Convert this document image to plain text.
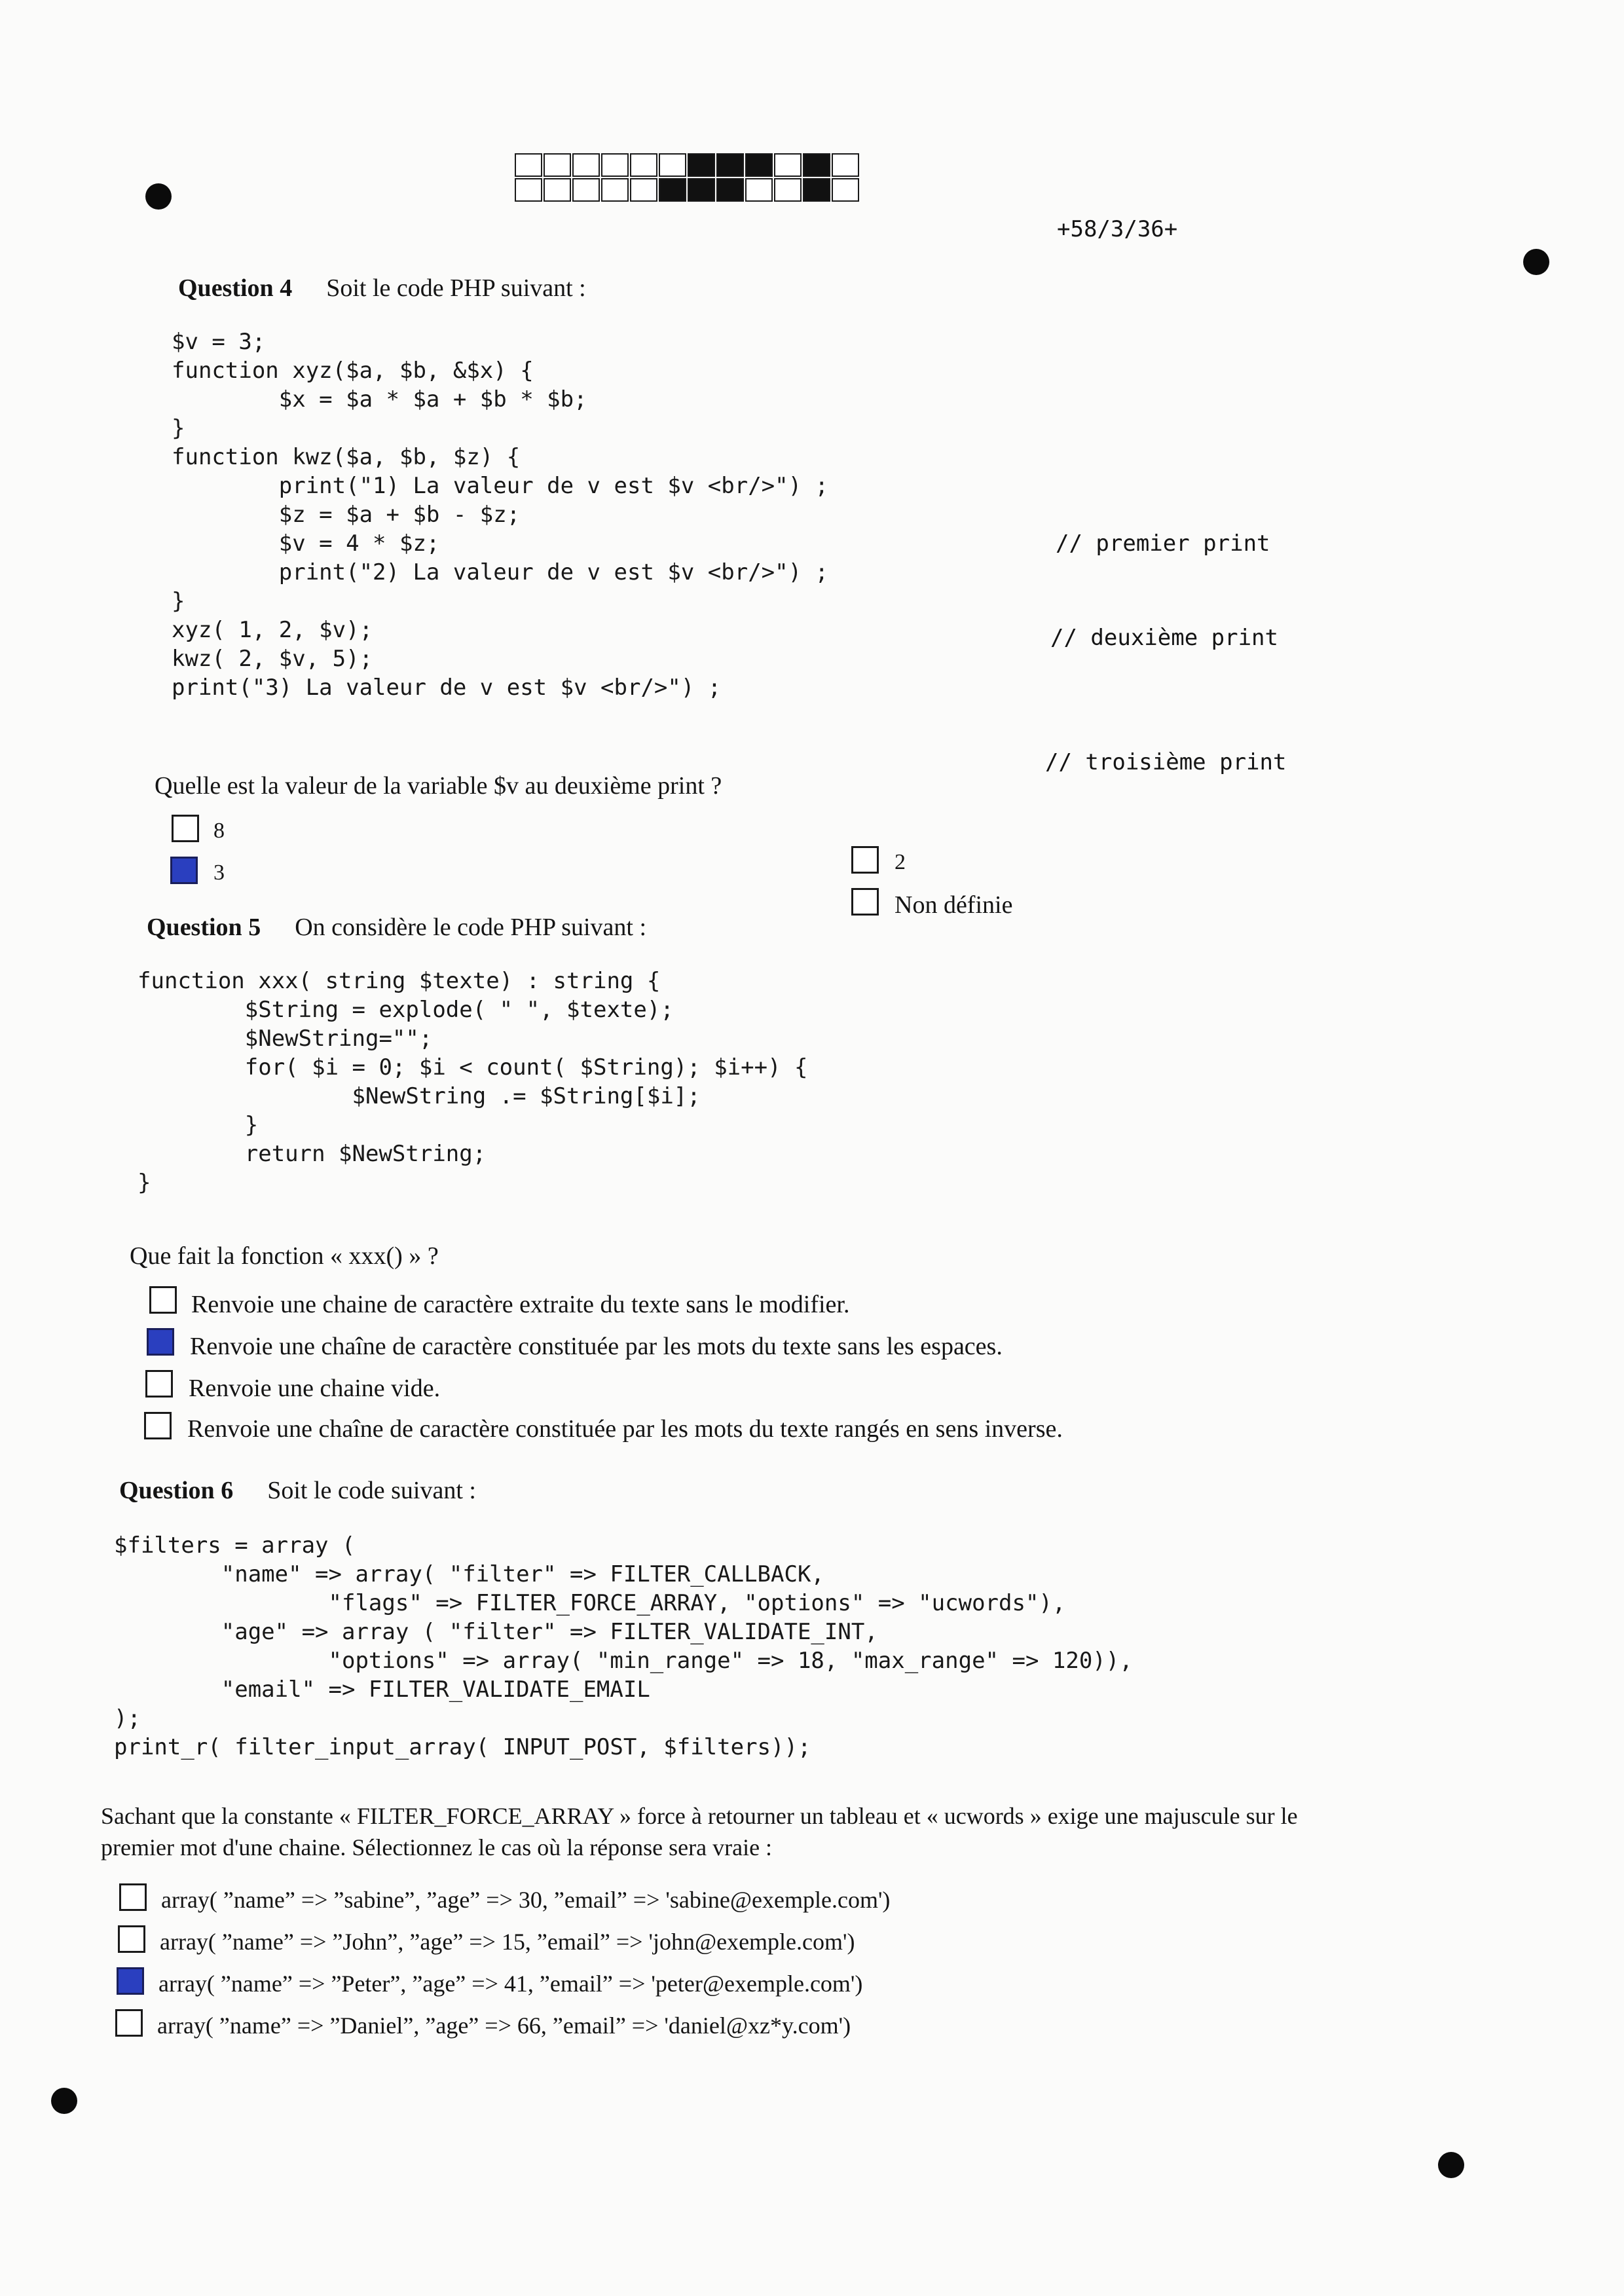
+58/3/36+
Question 4 Soit le code PHP suivant :
$v = 3;
function xyz($a, $b, &$x) {
$x = $a * $a + $b * $b;
}
function kwz($a, $b, $z) {
print("1) La valeur de v est $v <br/>") ;
$z = $a + $b - $z;
$v = 4 * $z;
print("2) La valeur de v est $v <br/>") ;
}
xyz( 1, 2, $v);
kwz( 2, $v, 5);
print("3) La valeur de v est $v <br/>") ;
// premier print
// deuxième print
// troisième print
Quelle est la valeur de la variable $v au deuxième print ?
8
3	2
Non définie
Question 5 On considère le code PHP suivant :
function xxx( string $texte) : string {
$String = explode( " ", $texte);
$NewString="";
for( $i = 0; $i < count( $String); $i++) {
$NewString .= $String[$i];
}
return $NewString;
}
Que fait la fonction « xxx() » ?
Renvoie une chaine de caractère extraite du texte sans le modifier.
Renvoie une chaîne de caractère constituée par les mots du texte sans les espaces.
Renvoie une chaine vide.
Renvoie une chaîne de caractère constituée par les mots du texte rangés en sens inverse.
Question 6 Soit le code suivant :
$filters = array (
"name" => array( "filter" => FILTER_CALLBACK,
"flags" => FILTER_FORCE_ARRAY, "options" => "ucwords"),
"age" => array ( "filter" => FILTER_VALIDATE_INT,
"options" => array( "min_range" => 18, "max_range" => 120)),
"email" => FILTER_VALIDATE_EMAIL
);
print_r( filter_input_array( INPUT_POST, $filters));
Sachant que la constante « FILTER_FORCE_ARRAY » force à retourner un tableau et « ucwords » exige une majuscule sur le
premier mot d'une chaine. Sélectionnez le cas où la réponse sera vraie :
array( ”name” => ”sabine”, ”age” => 30, ”email” => 'sabine@exemple.com')
array( ”name” => ”John”, ”age” => 15, ”email” => 'john@exemple.com')
array( ”name” => ”Peter”, ”age” => 41, ”email” => 'peter@exemple.com')
array( ”name” => ”Daniel”, ”age” => 66, ”email” => 'daniel@xz*y.com')
